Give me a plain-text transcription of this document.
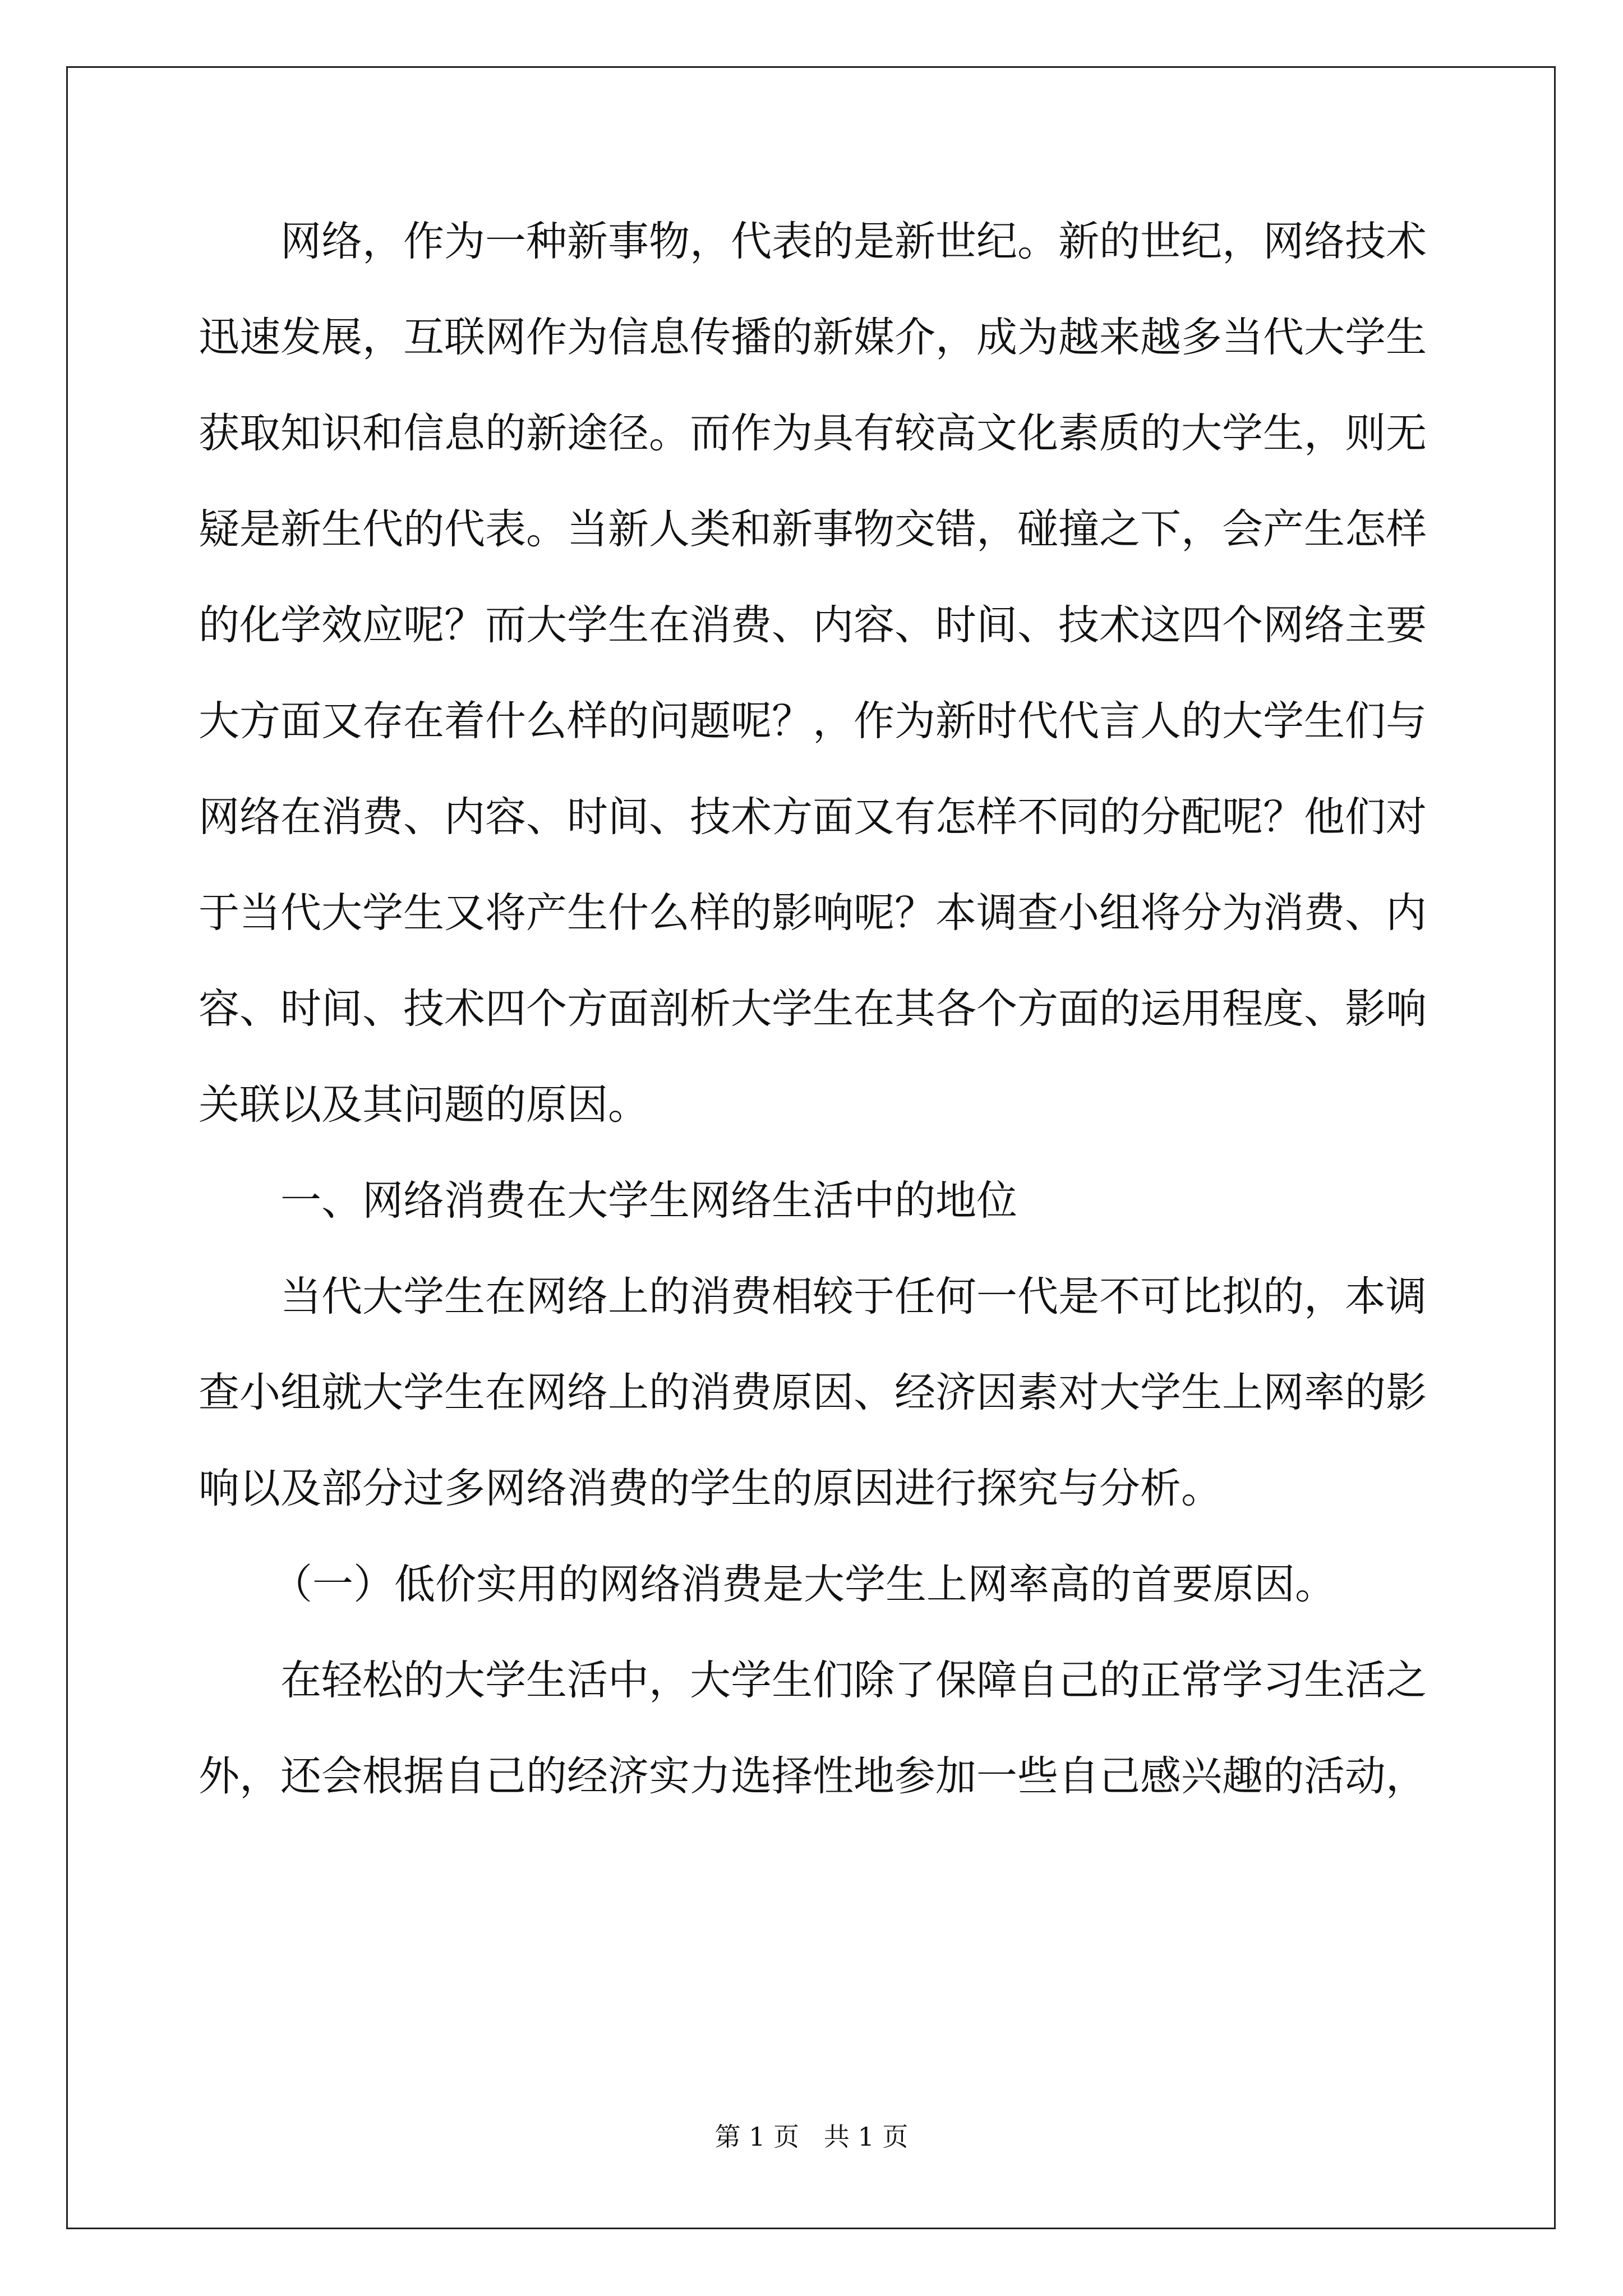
网络，作为一种新事物，代表的是新世纪。新的世纪，网络技术

迅速发展，互联网作为信息传播的新媒介，成为越来越多当代大学生

获取知识和信息的新途径。而作为具有较高文化素质的大学生，则无

疑是新生代的代表。当新人类和新事物交错，碰撞之下，会产生怎样

的化学效应呢？而大学生在消费、内容、时间、技术这四个网络主要

大方面又存在着什么样的问题呢？，作为新时代代言人的大学生们与

网络在消费、内容、时间、技术方面又有怎样不同的分配呢？他们对

于当代大学生又将产生什么样的影响呢？本调查小组将分为消费、内

容、时间、技术四个方面剖析大学生在其各个方面的运用程度、影响

关联以及其问题的原因。

一、网络消费在大学生网络生活中的地位

当代大学生在网络上的消费相较于任何一代是不可比拟的，本调

查小组就大学生在网络上的消费原因、经济因素对大学生上网率的影

响以及部分过多网络消费的学生的原因进行探究与分析。

（一）低价实用的网络消费是大学生上网率高的首要原因。

在轻松的大学生活中，大学生们除了保障自己的正常学习生活之

外，还会根据自己的经济实力选择性地参加一些自己感兴趣的活动，

第 1 页   共 1 页
